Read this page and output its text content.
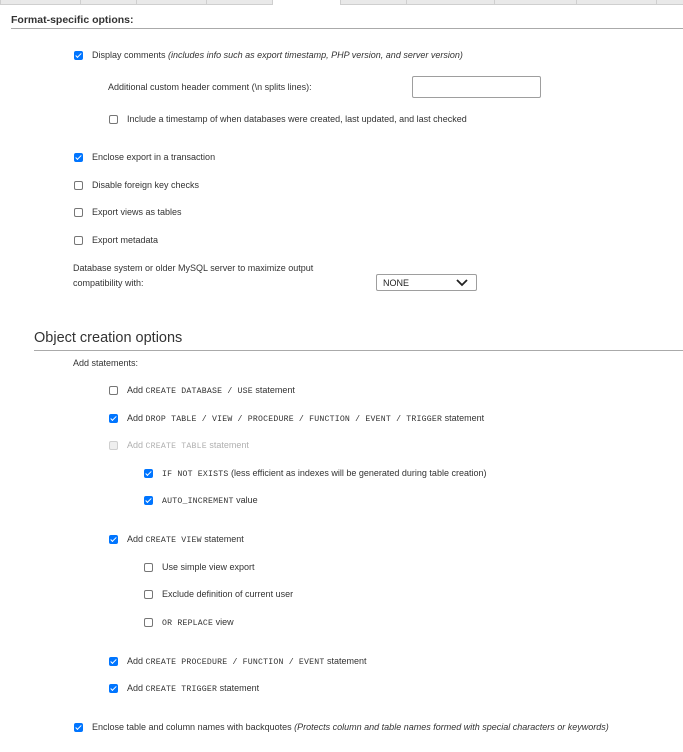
Format-specific options:
Display comments (includes info such as export timestamp, PHP version, and server version)
Additional custom header comment (\n splits lines):
Include a timestamp of when databases were created, last updated, and last checked
Enclose export in a transaction
Disable foreign key checks
Export views as tables
Export metadata
Database system or older MySQL server to maximize output
compatibility with:	NONE
Object creation options
Add statements:
Add CREATE DATABASE / USE statement
Add DROP TABLE / VIEW / PROCEDURE / FUNCTION / EVENT / TRIGGER statement
Add CREATE TABLE statement
IF NOT EXISTS (less efficient as indexes will be generated during table creation)
AUTO_INCREMENT value
Add CREATE VIEW statement
Use simple view export
Exclude definition of current user
OR REPLACE view
Add CREATE PROCEDURE / FUNCTION / EVENT statement
Add CREATE TRIGGER statement
Enclose table and column names with backquotes (Protects column and table names formed with special characters or keywords)
